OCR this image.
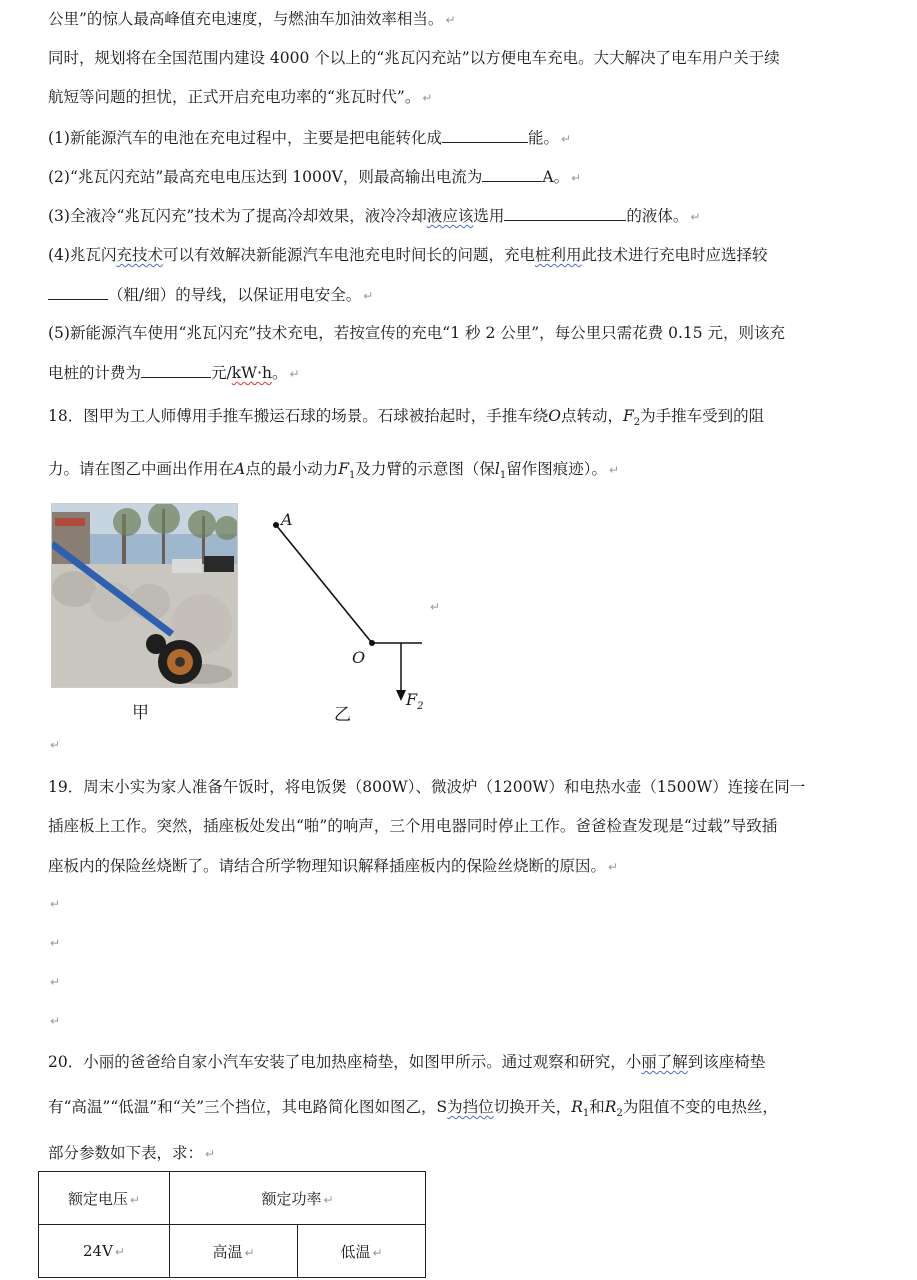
公里”的惊人最高峰值充电速度，与燃油车加油效率相当。 ↵
同时，规划将在全国范围内建设 4000 个以上的“兆瓦闪充站”以方便电车充电。大大解决了电车用户关于续
航短等问题的担忧，正式开启充电功率的“兆瓦时代”。 ↵
(1)新能源汽车的电池在充电过程中，主要是把电能转化成	能。 ↵
(2)“兆瓦闪充站”最高充电电压达到 1000V，则最高输出电流为	A。 ↵
(3)全液冷“兆瓦闪充”技术为了提高冷却效果，液冷冷却液应该选用	的液体。 ↵
(4)兆瓦闪充技术可以有效解决新能源汽车电池充电时间长的问题，充电桩利用此技术进行充电时应选择较
（粗/细）的导线，以保证用电安全。 ↵
(5)新能源汽车使用“兆瓦闪充”技术充电，若按宣传的充电“1 秒 2 公里”，每公里只需花费 0.15 元，则该充
电桩的计费为	元/kW·h。 ↵
18．图甲为工人师傅用手推车搬运石球的场景。石球被抬起时，手推车绕O点转动，$F_2$为手推车受到的阻
力。请在图乙中画出作用在A点的最小动力$F_1$及力臂的示意图（保$l_1$留作图痕迹）。 ↵
甲
A
O
$F_2$
乙
↵
↵
19．周末小实为家人准备午饭时，将电饭煲（800W）、微波炉（1200W）和电热水壶（1500W）连接在同一
插座板上工作。突然，插座板处发出“啪”的响声，三个用电器同时停止工作。爸爸检查发现是“过载”导致插
座板内的保险丝烧断了。请结合所学物理知识解释插座板内的保险丝烧断的原因。 ↵
↵
↵
↵
↵
20．小丽的爸爸给自家小汽车安装了电加热座椅垫，如图甲所示。通过观察和研究，小丽了解到该座椅垫
有“高温”“低温”和“关”三个挡位，其电路简化图如图乙，S为挡位切换开关，$R_1$和$R_2$为阻值不变的电热丝，
部分参数如下表，求： ↵
额定电压 ↵	额定功率 ↵	
24V ↵	高温 ↵	低温 ↵
